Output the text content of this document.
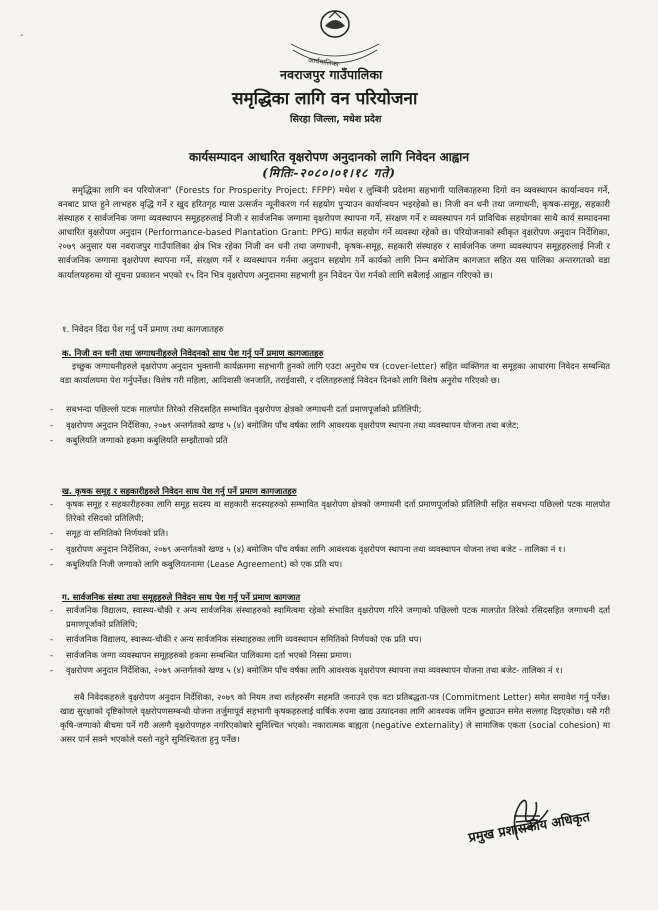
-
कार्यपालिका
नवराजपुर गाउँपालिका
समृद्धिका लागि वन परियोजना
सिरहा जिल्ला, मधेश प्रदेश
कार्यसम्पादन आधारित वृक्षरोपण अनुदानको लागि निवेदन आह्वान
(मितिः-२०८०।०१।१८ गते)
समृद्धिका लागि वन परियोजना" (Forests for Prosperity Project: FFPP) मधेश र लुम्बिनी प्रदेशमा सहभागी पालिकाहरुमा दिगो वन व्यवस्थापन कार्यान्वयन गर्ने, वनबाट प्राप्त हुने लाभहरु वृद्धि गर्ने र खुद हरितगृह ग्यास उत्सर्जन न्यूनीकरण गर्न सहयोग पुऱ्याउन कार्यान्वयन भइरहेको छ। निजी वन धनी तथा जग्गाधनी, कृषक-समूह, सहकारी संस्थाहरु र सार्वजनिक जग्गा व्यवस्थापन समूहहरुलाई निजी र सार्वजनिक जग्गामा वृक्षरोपण स्थापना गर्ने, संरक्षण गर्ने र व्यवस्थापन गर्न प्राविधिक सहयोगका साथै कार्य सम्पादनमा आधारित वृक्षरोपण अनुदान (Performance-based Plantation Grant: PPG) मार्फत सहयोग गर्ने व्यवस्था रहेको छ। परियोजनाको स्वीकृत वृक्षरोपण अनुदान निर्देशिका, २०७९ अनुसार यस नवराजपुर गाउँपालिका क्षेत्र भित्र रहेका निजी वन धनी तथा जग्गाधनी, कृषक-समूह, सहकारी संस्थाहरु र सार्वजनिक जग्गा व्यवस्थापन समूहहरुलाई निजी र सार्वजनिक जग्गामा वृक्षरोपण स्थापना गर्ने, संरक्षण गर्ने र व्यवस्थापन गर्नमा अनुदान सहयोग गर्ने कार्यको लागि निम्न बमोजिम कागजात सहित यस पालिका अन्तरगतको वडा कार्यालयहरुमा यो सूचना प्रकाशन भएको १५ दिन भित्र वृक्षरोपण अनुदानमा सहभागी हुन निवेदन पेश गर्नको लागि सबैलाई आह्वान गरिएको छ।
१. निवेदन दिंदा पेश गर्नु पर्ने प्रमाण तथा कागजातहरु
क. निजी वन धनी तथा जग्गाधनीहरुले निवेदनको साथ पेश गर्नु पर्ने प्रमाण कागजातहरु
इच्छुक जग्गाधनीहरुले वृक्षरोपण अनुदान भुक्तानी कार्यक्रममा सहभागी हुनको लागि एउटा अनुरोध पत्र (cover-letter) सहित व्यक्तिगत वा समूहका आधारमा निवेदन सम्बन्धित वडा कार्यालयमा पेश गर्नुपर्नेछ। विशेष गरी महिला, आदिवासी जनजाति, तराईवासी, र दलितहरुलाई निवेदन दिनको लागि विशेष अनुरोध गरिएको छ।
- सबभन्दा पछिल्लो पटक मालपोत तिरेको रसिदसहित सम्भावित वृक्षरोपण क्षेत्रको जग्गाधनी दर्ता प्रमाणपूर्जाको प्रतिलिपी;
- वृक्षरोपण अनुदान निर्देशिका, २०७९ अन्तर्गतको खण्ड ५ (४) बमोजिम पाँच वर्षका लागि आवश्यक वृक्षरोपण स्थापना तथा व्यवस्थापन योजना तथा बजेट;
- कबुलियति जग्गाको हकमा कबुलियति सम्झौताको प्रति
ख. कृषक समूह र सहकारीहरुले निवेदन साथ पेश गर्नु पर्ने प्रमाण कागजातहरु
- कृषक समूह र सहकारीहरुका लागि समूह सदस्य वा सहकारी सदस्यहरुको सम्भावित वृक्षरोपण क्षेत्रको जग्गाधनी दर्ता प्रमाणपूर्जाको प्रतिलिपी सहित सबभन्दा पछिल्लो पटक मालपोत तिरेको रसिदको प्रतिलिपी;
- समूह वा समितिको निर्णयको प्रति।
- वृक्षरोपण अनुदान निर्देशिका, २०७९ अन्तर्गतको खण्ड ५ (४) बमोजिम पाँच वर्षका लागि आवश्यक वृक्षरोपण स्थापना तथा व्यवस्थापन योजना तथा बजेट - तालिका नं १।
- कबुलियति निजी जग्गाको लागि कबुलियतनामा (Lease Agreement) को एक प्रति थप।
ग. सार्वजनिक संस्था तथा समूहहरुले निवेदन साथ पेश गर्नु पर्ने प्रमाण कागजात
- सार्वजनिक विद्यालय, स्वास्थ्य-चौकी र अन्य सार्वजनिक संस्थाहरुको स्वामित्वमा रहेको संभावित वृक्षरोपण गरिने जग्गाको पछिल्लो पटक मालपोत तिरेको रसिदसहित जग्गाधनी दर्ता प्रमाणपूर्जाको प्रतिलिपि;
- सार्वजनिक विद्यालय, स्वास्थ्य-चौकी र अन्य सार्वजनिक संस्थाहरुका लागि व्यवस्थापन समितिको निर्णयको एक प्रति थप।
- सार्वजनिक जग्गा व्यवस्थापन समूहहरुको हकमा सम्बन्धित पालिकामा दर्ता भएको निस्सा प्रमाण।
- वृक्षरोपण अनुदान निर्देशिका, २०७९ अन्तर्गतको खण्ड ५ (४) बमोजिम पाँच वर्षका लागि आवश्यक वृक्षरोपण स्थापना तथा व्यवस्थापन योजना तथा बजेट- तालिका नं १।
सबै निवेदकहरुले वृक्षरोपण अनुदान निर्देशिका, २०७९ को नियम तथा शर्तहरुसँग सहमति जनाउने एक वटा प्रतिबद्धता-पत्र (Commitment Letter) समेत समावेश गर्नु पर्नेछ। खाद्य सुरक्षाको दृष्टिकोणले वृक्षरोपणसम्बन्धी योजना तर्जुमापूर्व सहभागी कृषकहरुलाई वार्षिक रुपमा खाद्य उत्पादनका लागि आवश्यक जमिन छुट्याउन समेत सल्लाह दिइएकोछ। यसै गरी कृषि-जग्गाको बीचमा पर्ने गरी अलग्गै वृक्षरोपणहरु नगरिएकोबारे सुनिश्चित भएको। नकारात्मक बाह्यता (negative externality) ले सामाजिक एकता (social cohesion) मा असर पार्न सक्ने भएकोले यस्तो नहुने सुनिश्चितता हुनु पर्नेछ।
प्रमुख प्रशासकीय अधिकृत
